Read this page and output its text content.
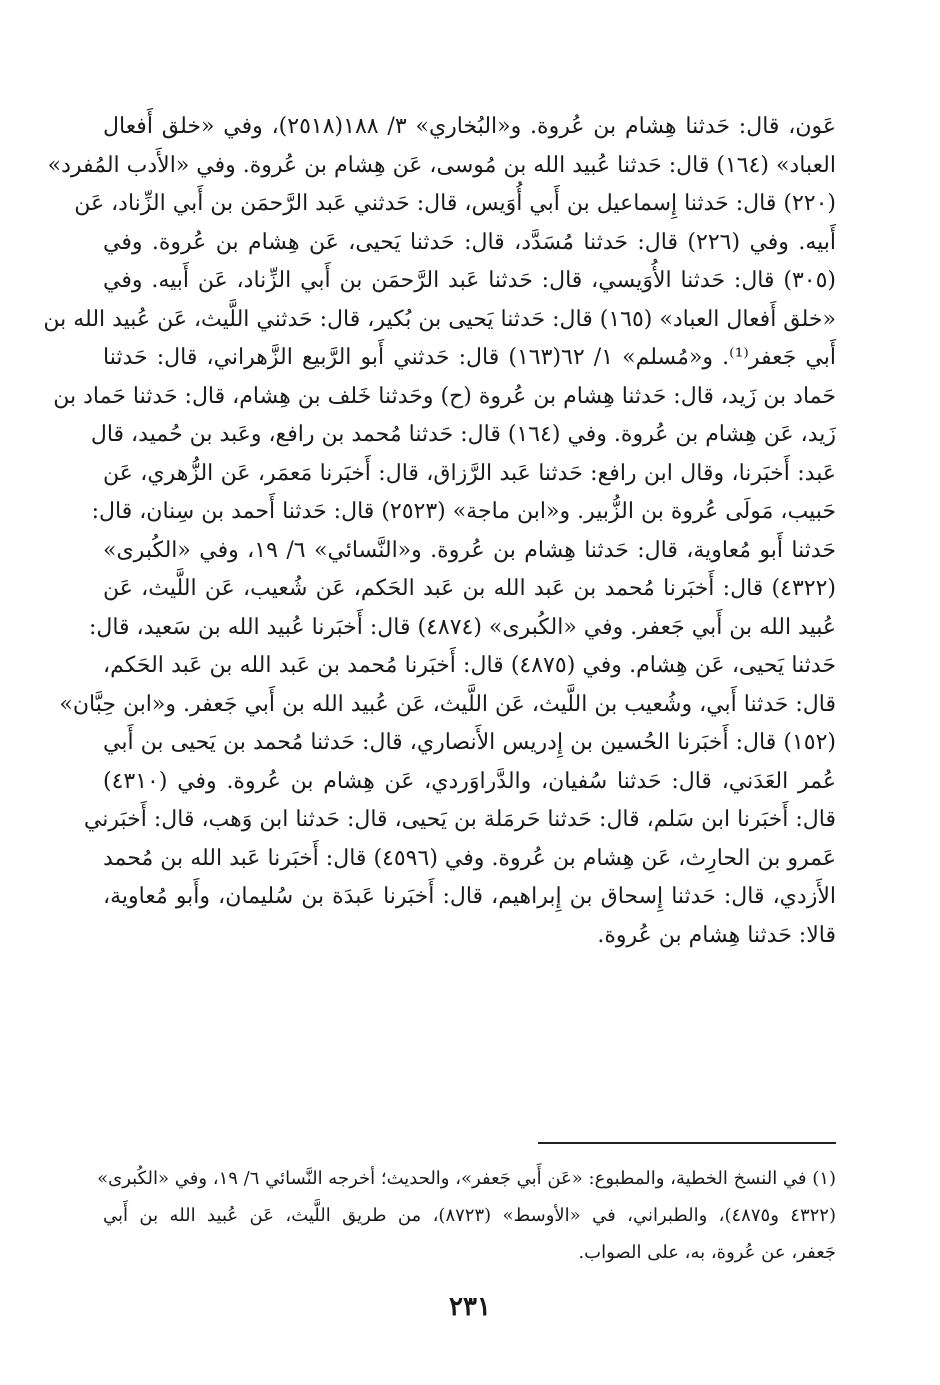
عَون، قال: حَدثنا هِشام بن عُروة. و«البُخاري» ٣/ ١٨٨(٢٥١٨)، وفي «خلق أَفعال
العباد» (١٦٤) قال: حَدثنا عُبيد الله بن مُوسى، عَن هِشام بن عُروة. وفي «الأَدب المُفرد»
(٢٢٠) قال: حَدثنا إِسماعيل بن أَبي أُوَيس، قال: حَدثني عَبد الرَّحمَن بن أَبي الزِّناد، عَن
أَبيه. وفي (٢٢٦) قال: حَدثنا مُسَدَّد، قال: حَدثنا يَحيى، عَن هِشام بن عُروة. وفي
(٣٠٥) قال: حَدثنا الأُوَيسي، قال: حَدثنا عَبد الرَّحمَن بن أَبي الزِّناد، عَن أَبيه. وفي
«خلق أَفعال العباد» (١٦٥) قال: حَدثنا يَحيى بن بُكير، قال: حَدثني اللَّيث، عَن عُبيد الله بن
أَبي جَعفر⁽¹⁾. و«مُسلم» ١/ ٦٢(١٦٣) قال: حَدثني أَبو الرَّبيع الزَّهراني، قال: حَدثنا
حَماد بن زَيد، قال: حَدثنا هِشام بن عُروة (ح) وحَدثنا خَلف بن هِشام، قال: حَدثنا حَماد بن
زَيد، عَن هِشام بن عُروة. وفي (١٦٤) قال: حَدثنا مُحمد بن رافع، وعَبد بن حُميد، قال
عَبد: أَخبَرنا، وقال ابن رافع: حَدثنا عَبد الرَّزاق، قال: أَخبَرنا مَعمَر، عَن الزُّهري، عَن
حَبيب، مَولَى عُروة بن الزُّبير. و«ابن ماجة» (٢٥٢٣) قال: حَدثنا أَحمد بن سِنان، قال:
حَدثنا أَبو مُعاوية، قال: حَدثنا هِشام بن عُروة. و«النَّسائي» ٦/ ١٩، وفي «الكُبرى»
(٤٣٢٢) قال: أَخبَرنا مُحمد بن عَبد الله بن عَبد الحَكم، عَن شُعيب، عَن اللَّيث، عَن
عُبيد الله بن أَبي جَعفر. وفي «الكُبرى» (٤٨٧٤) قال: أَخبَرنا عُبيد الله بن سَعيد، قال:
حَدثنا يَحيى، عَن هِشام. وفي (٤٨٧٥) قال: أَخبَرنا مُحمد بن عَبد الله بن عَبد الحَكم،
قال: حَدثنا أَبي، وشُعيب بن اللَّيث، عَن اللَّيث، عَن عُبيد الله بن أَبي جَعفر. و«ابن حِبَّان»
(١٥٢) قال: أَخبَرنا الحُسين بن إِدريس الأَنصاري، قال: حَدثنا مُحمد بن يَحيى بن أَبي
عُمر العَدَني، قال: حَدثنا سُفيان، والدَّراوَردي، عَن هِشام بن عُروة. وفي (٤٣١٠)
قال: أَخبَرنا ابن سَلم، قال: حَدثنا حَرمَلة بن يَحيى، قال: حَدثنا ابن وَهب، قال: أَخبَرني
عَمرو بن الحارِث، عَن هِشام بن عُروة. وفي (٤٥٩٦) قال: أَخبَرنا عَبد الله بن مُحمد
الأَزدي، قال: حَدثنا إِسحاق بن إِبراهيم، قال: أَخبَرنا عَبدَة بن سُليمان، وأَبو مُعاوية،
قالا: حَدثنا هِشام بن عُروة.
(١) في النسخ الخطية، والمطبوع: «عَن أَبي جَعفر»، والحديث؛ أخرجه النَّسائي ٦/ ١٩، وفي «الكُبرى»
(٤٣٢٢ و٤٨٧٥)، والطبراني، في «الأوسط» (٨٧٢٣)، من طريق اللَّيث، عَن عُبيد الله بن أَبي
جَعفر، عن عُروة، به، على الصواب.
٢٣١
